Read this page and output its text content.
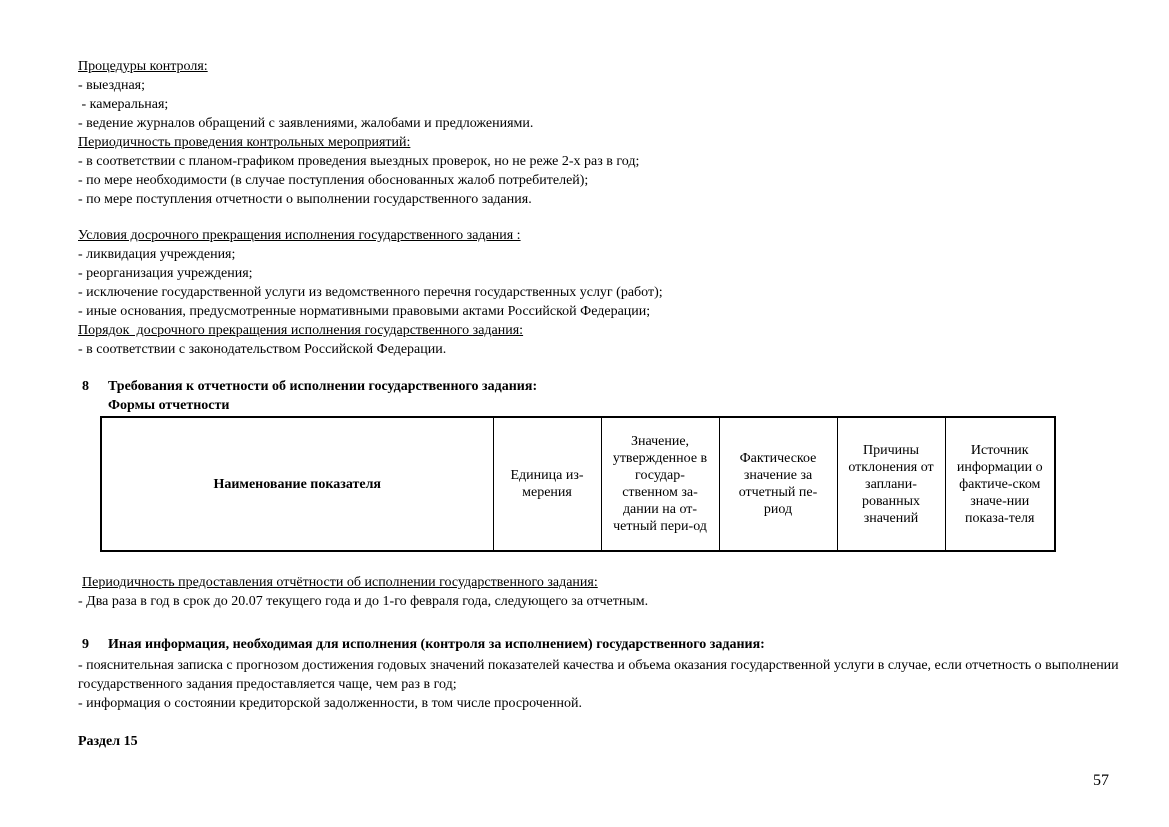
Процедуры контроля:
- выездная;
- камеральная;
- ведение журналов обращений с заявлениями, жалобами и предложениями.
Периодичность проведения контрольных мероприятий:
- в соответствии с планом-графиком проведения выездных проверок, но не реже 2-х раз в год;
- по мере необходимости (в случае поступления обоснованных жалоб потребителей);
- по мере поступления отчетности о выполнении государственного задания.
Условия досрочного прекращения исполнения государственного задания :
- ликвидация учреждения;
- реорганизация учреждения;
- исключение государственной услуги из ведомственного перечня государственных услуг (работ);
- иные основания, предусмотренные нормативными правовыми актами Российской Федерации;
Порядок  досрочного прекращения исполнения государственного задания:
- в соответствии с законодательством Российской Федерации.
8 Требования к отчетности об исполнении государственного задания:
Формы отчетности
Наименование показателя	Единица из-мерения	Значение, утвержденное в государ-ственном за-дании на от-четный пери-од	Фактическое значение за отчетный пе-риод	Причины отклонения от заплани-рованных значений	Источник информации о фактиче-ском значе-нии показа-теля
Периодичность предоставления отчётности об исполнении государственного задания:
- Два раза в год в срок до 20.07 текущего года и до 1-го февраля года, следующего за отчетным.
9 Иная информация, необходимая для исполнения (контроля за исполнением) государственного задания:
- пояснительная записка с прогнозом достижения годовых значений показателей качества и объема оказания государственной услуги в случае, если отчетность о выполнении государственного задания предоставляется чаще, чем раз в год;
- информация о состоянии кредиторской задолженности, в том числе просроченной.
Раздел 15
57
